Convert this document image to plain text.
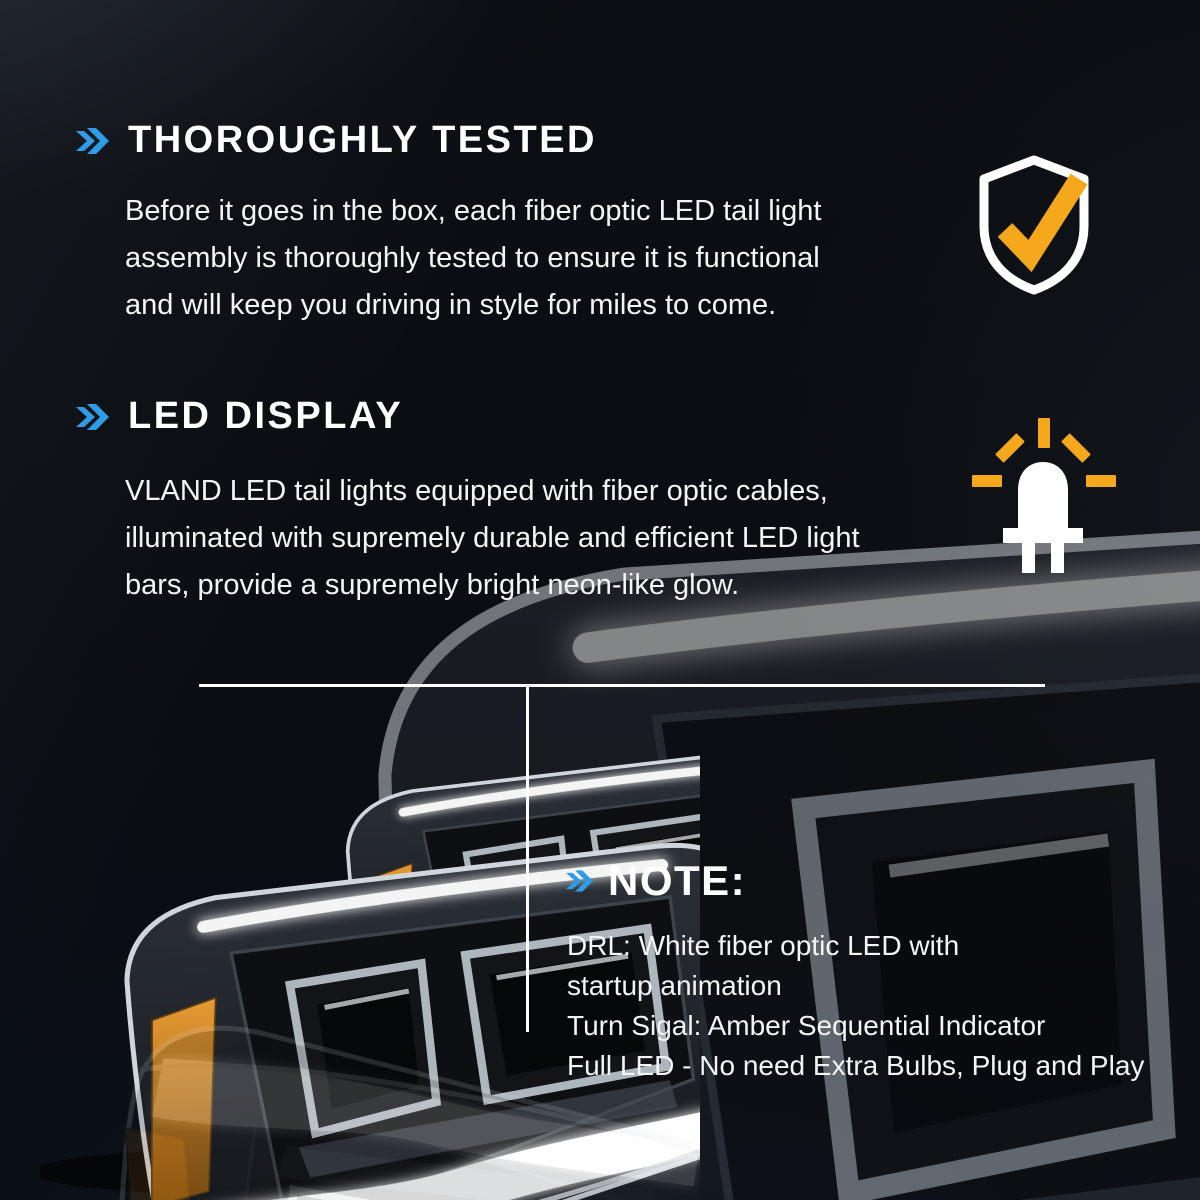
THOROUGHLY TESTED
Before it goes in the box, each fiber optic LED tail light
assembly is thoroughly tested to ensure it is functional
and will keep you driving in style for miles to come.
LED DISPLAY
VLAND LED tail lights equipped with fiber optic cables,
illuminated with supremely durable and efficient LED light
bars, provide a supremely bright neon-like glow.
NOTE:
DRL: White fiber optic LED with
startup animation
Turn Sigal: Amber Sequential Indicator
Full LED - No need Extra Bulbs, Plug and Play
